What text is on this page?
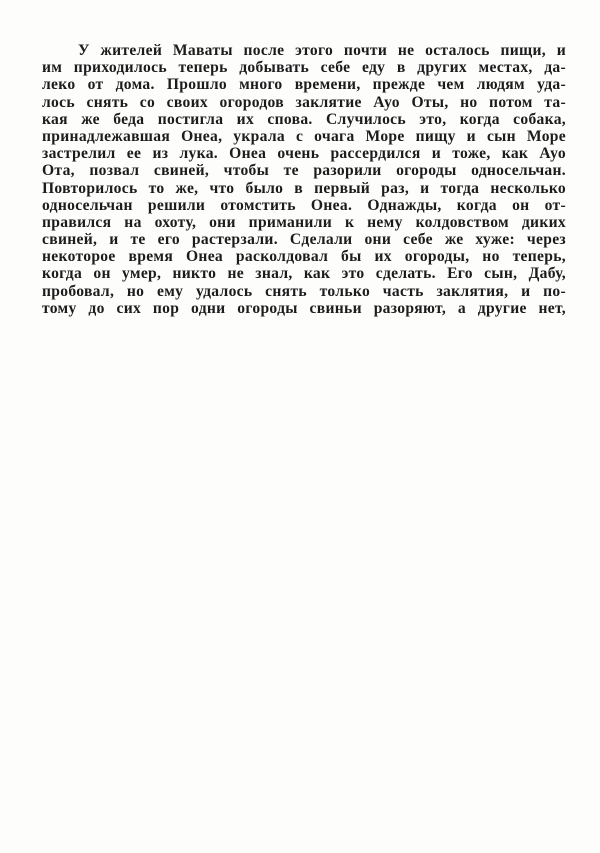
У жителей Маваты после этого почти не осталось пищи, и
им приходилось теперь добывать себе еду в других местах, да-
леко от дома. Прошло много времени, прежде чем людям уда-
лось снять со своих огородов заклятие Ауо Оты, но потом та-
кая же беда постигла их спова. Случилось это, когда собака,
принадлежавшая Онеа, украла с очага Море пищу и сын Море
застрелил ее из лука. Онеа очень рассердился и тоже, как Ауо
Ота, позвал свиней, чтобы те разорили огороды односельчан.
Повторилось то же, что было в первый раз, и тогда несколько
односельчан решили отомстить Онеа. Однажды, когда он от-
правился на охоту, они приманили к нему колдовством диких
свиней, и те его растерзали. Сделали они себе же хуже: через
некоторое время Онеа расколдовал бы их огороды, но теперь,
когда он умер, никто не знал, как это сделать. Его сын, Дабу,
пробовал, но ему удалось снять только часть заклятия, и по-
тому до сих пор одни огороды свиньи разоряют, а другие нет,
